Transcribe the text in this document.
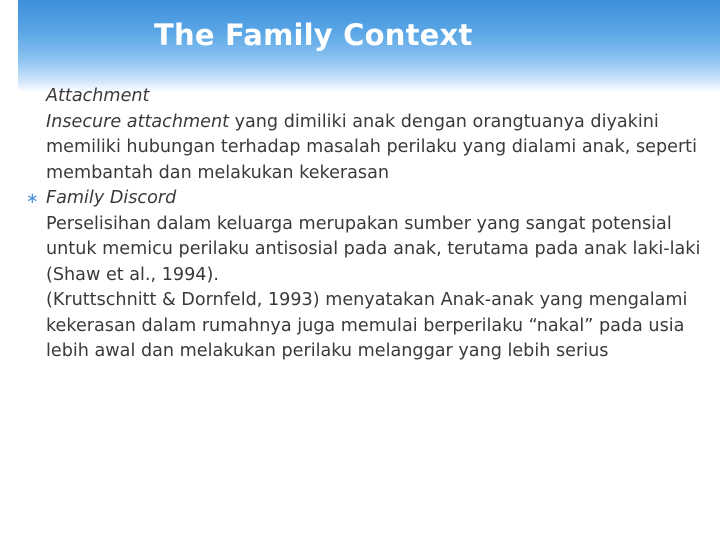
The Family Context
Attachment

Insecure attachment yang dimiliki anak dengan orangtuanya diyakini memiliki hubungan terhadap masalah perilaku yang dialami anak, seperti membantah dan melakukan kekerasan

∗ Family Discord

Perselisihan dalam keluarga merupakan sumber yang sangat potensial untuk memicu perilaku antisosial pada anak, terutama pada anak laki-laki (Shaw et al., 1994).

(Kruttschnitt & Dornfeld, 1993) menyatakan Anak-anak yang mengalami kekerasan dalam rumahnya juga memulai berperilaku “nakal” pada usia lebih awal dan melakukan perilaku melanggar yang lebih serius
